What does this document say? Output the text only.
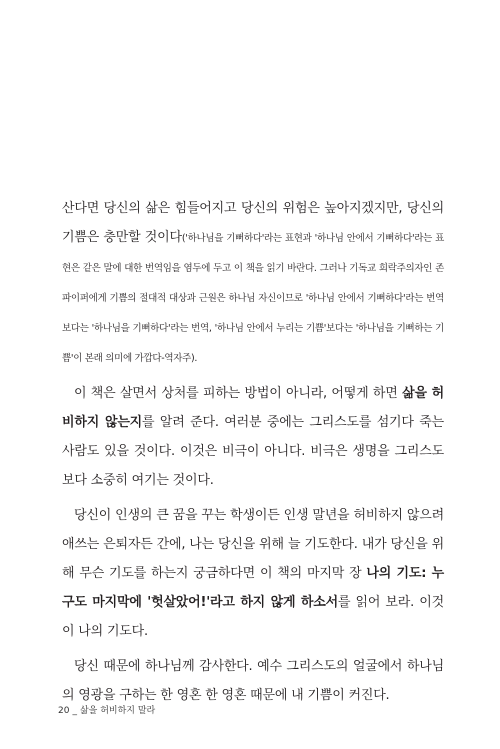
산다면 당신의 삶은 힘들어지고 당신의 위험은 높아지겠지만, 당신의 기쁨은 충만할 것이다('하나님을 기뻐하다'라는 표현과 '하나님 안에서 기뻐하다'라는 표현은 같은 말에 대한 번역임을 염두에 두고 이 책을 읽기 바란다. 그러나 기독교 희락주의자인 존 파이퍼에게 기쁨의 절대적 대상과 근원은 하나님 자신이므로 '하나님 안에서 기뻐하다'라는 번역보다는 '하나님을 기뻐하다'라는 번역, '하나님 안에서 누리는 기쁨'보다는 '하나님을 기뻐하는 기쁨'이 본래 의미에 가깝다-역자주).

이 책은 살면서 상처를 피하는 방법이 아니라, 어떻게 하면 삶을 허비하지 않는지를 알려 준다. 여러분 중에는 그리스도를 섬기다 죽는 사람도 있을 것이다. 이것은 비극이 아니다. 비극은 생명을 그리스도보다 소중히 여기는 것이다.

당신이 인생의 큰 꿈을 꾸는 학생이든 인생 말년을 허비하지 않으려 애쓰는 은퇴자든 간에, 나는 당신을 위해 늘 기도한다. 내가 당신을 위해 무슨 기도를 하는지 궁금하다면 이 책의 마지막 장 나의 기도: 누구도 마지막에 '헛살았어!'라고 하지 않게 하소서를 읽어 보라. 이것이 나의 기도다.

당신 때문에 하나님께 감사한다. 예수 그리스도의 얼굴에서 하나님의 영광을 구하는 한 영혼 한 영혼 때문에 내 기쁨이 커진다.

20 _ 삶을 허비하지 말라
